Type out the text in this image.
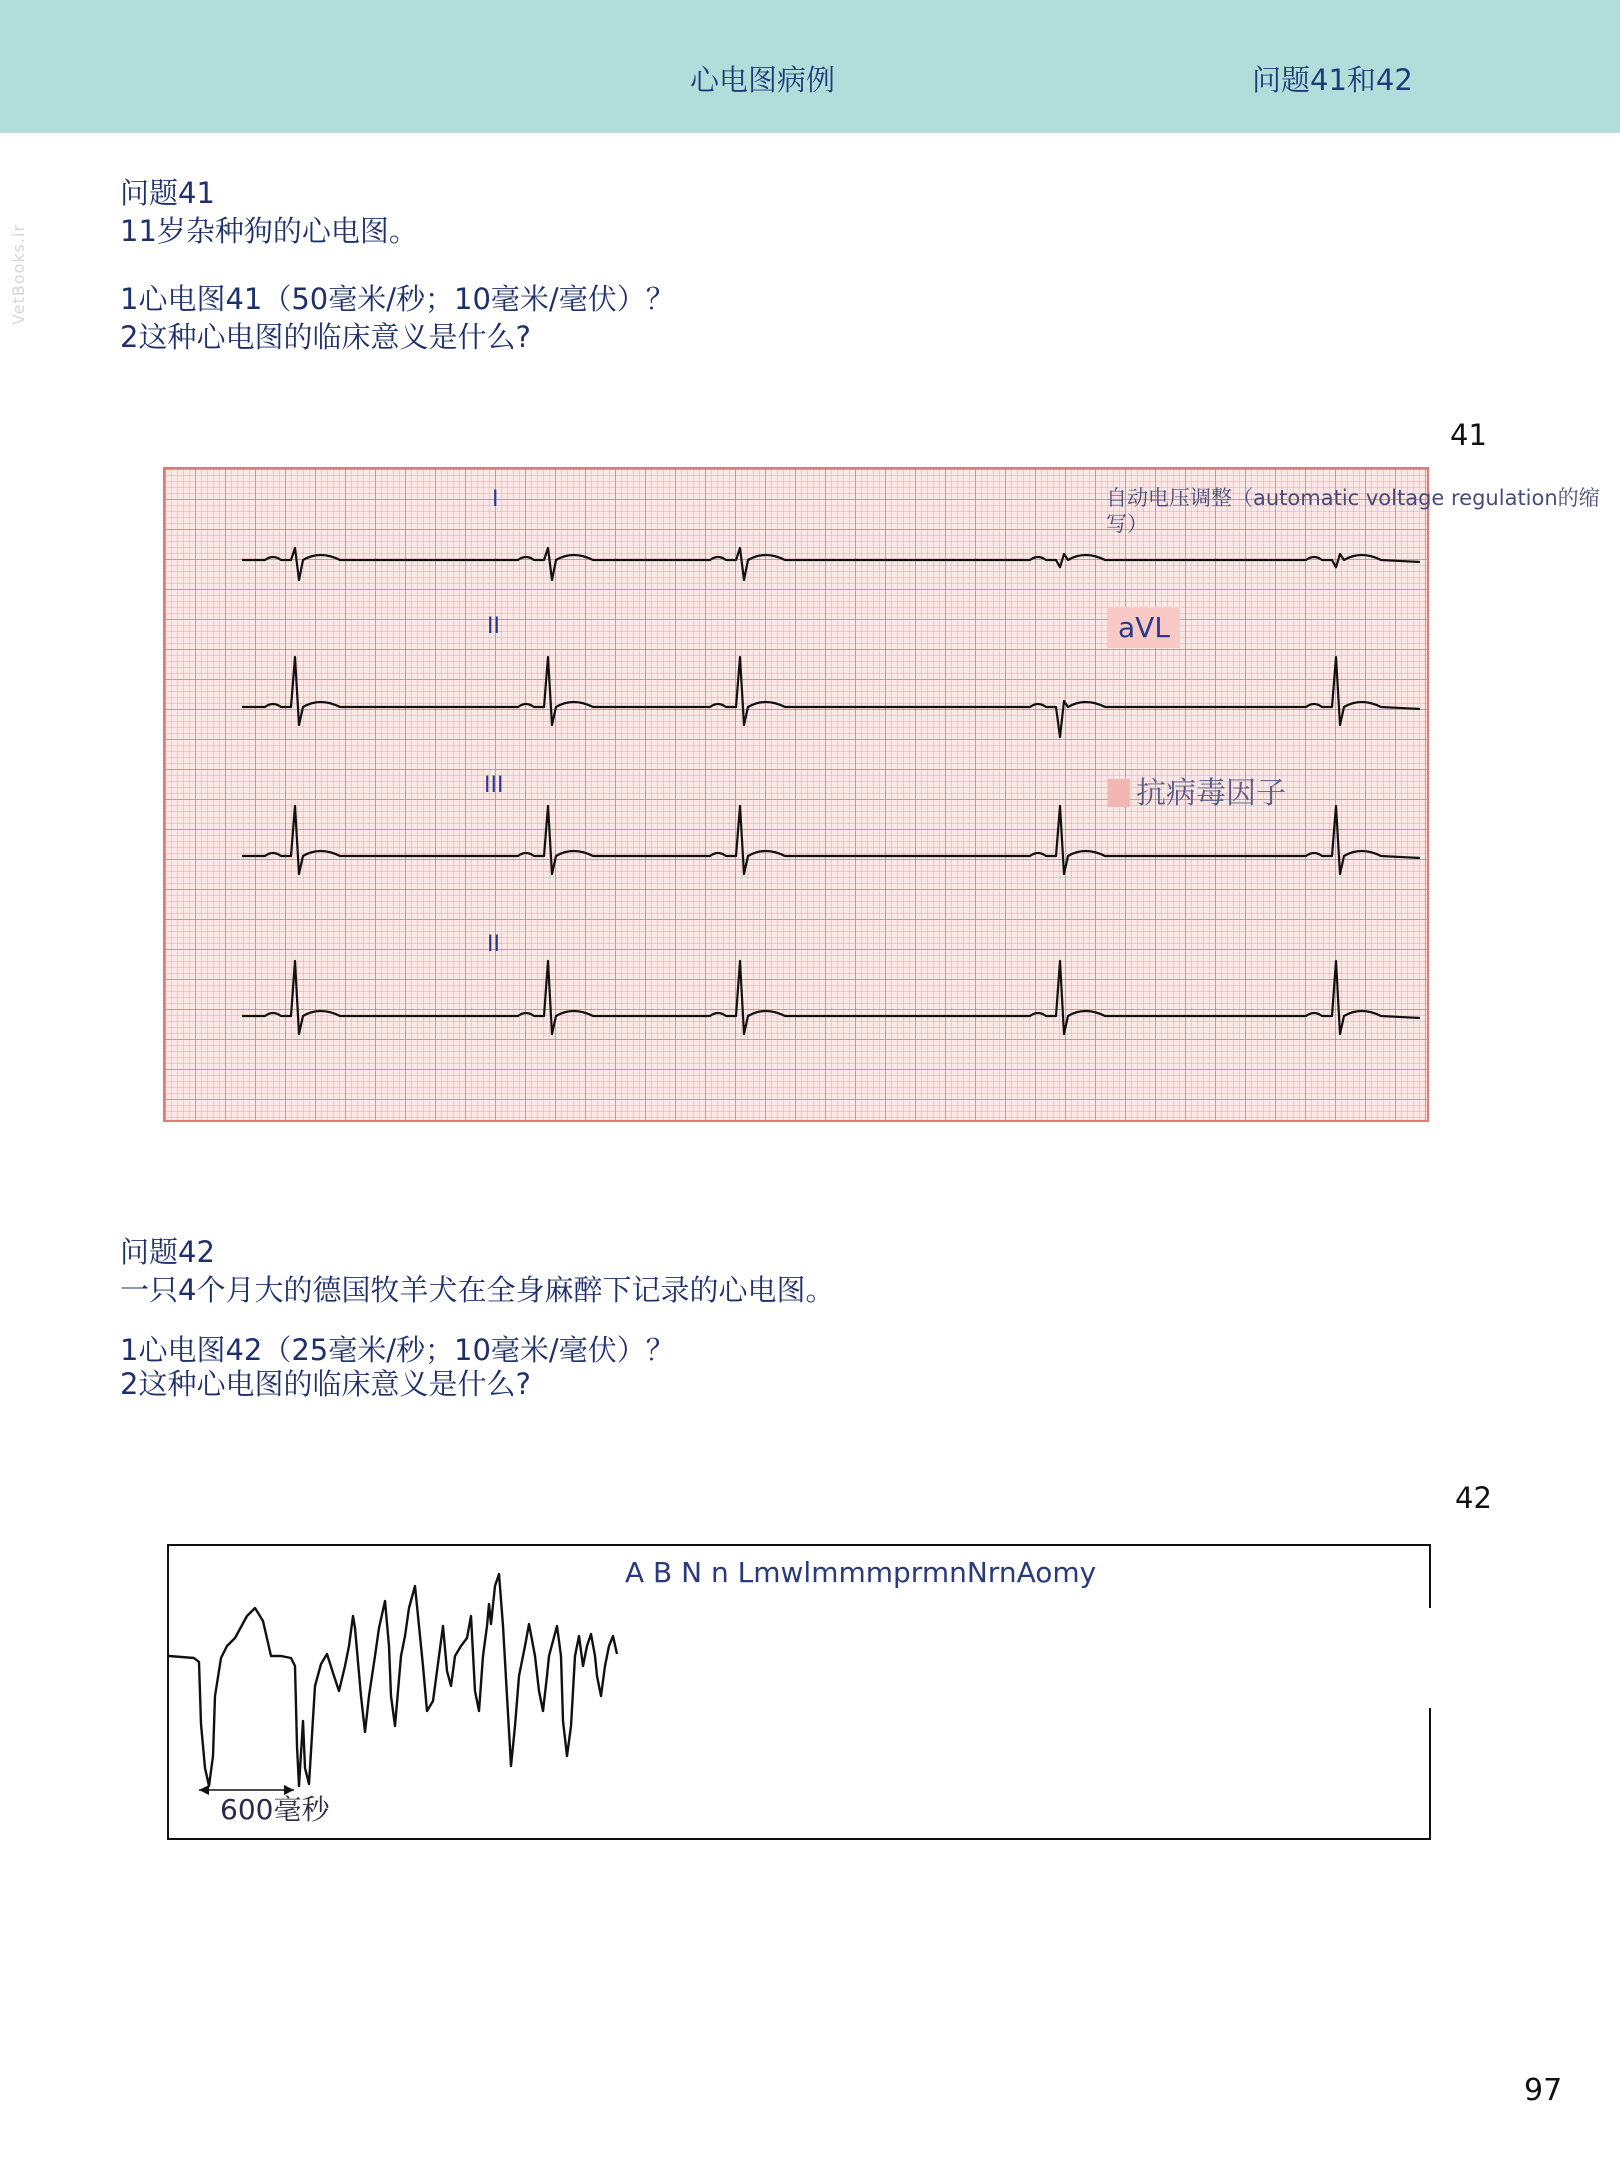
心电图病例	问题41和42
VetBooks.ir
问题41
11岁杂种狗的心电图。
1心电图41（50毫米/秒；10毫米/毫伏）？
2这种心电图的临床意义是什么?
41
I
II
III
II
自动电压调整（automatic voltage regulation的缩写）
aVL
抗病毒因子
问题42
一只4个月大的德国牧羊犬在全身麻醉下记录的心电图。
1心电图42（25毫米/秒；10毫米/毫伏）？
2这种心电图的临床意义是什么?
42
A B N n LmwlmmmprmnNrnAomy
600毫秒
97
